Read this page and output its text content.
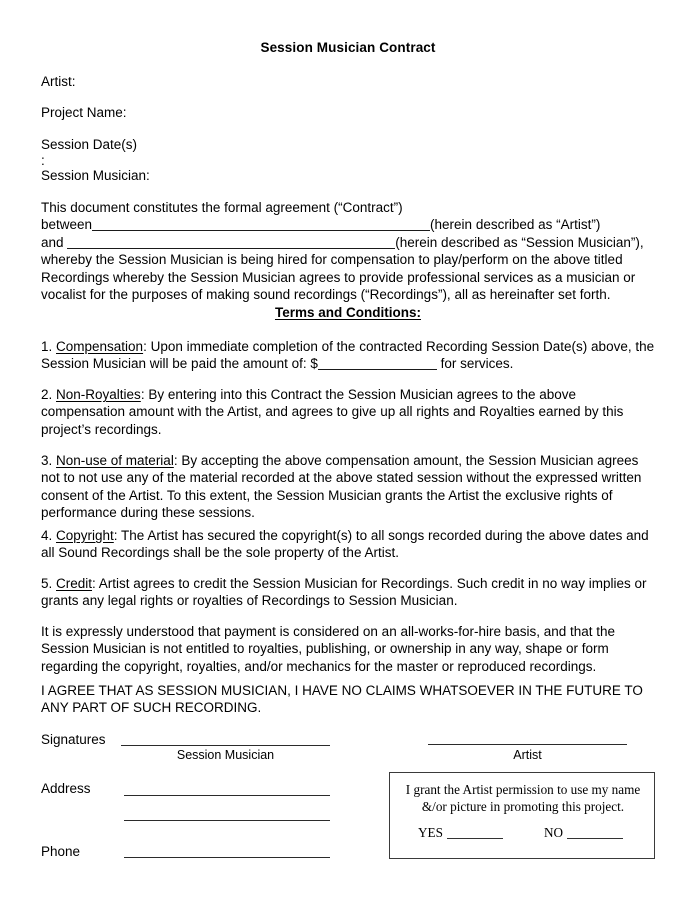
Session Musician Contract
Artist:
Project Name:
Session Date(s)
:
Session Musician:
This document constitutes the formal agreement (“Contract”)
between	(herein described as “Artist”)
and	(herein described as “Session Musician”),
whereby the Session Musician is being hired for compensation to play/perform on the above titled Recordings whereby the Session Musician agrees to provide professional services as a musician or vocalist for the purposes of making sound recordings (“Recordings”), all as hereinafter set forth.
Terms and Conditions:
1. Compensation: Upon immediate completion of the contracted Recording Session Date(s) above, the Session Musician will be paid the amount of: $	for services.
2. Non-Royalties: By entering into this Contract the Session Musician agrees to the above compensation amount with the Artist, and agrees to give up all rights and Royalties earned by this project’s recordings.
3. Non-use of material: By accepting the above compensation amount, the Session Musician agrees not to not use any of the material recorded at the above stated session without the expressed written consent of the Artist. To this extent, the Session Musician grants the Artist the exclusive rights of performance during these sessions.
4. Copyright: The Artist has secured the copyright(s) to all songs recorded during the above dates and all Sound Recordings shall be the sole property of the Artist.
5. Credit: Artist agrees to credit the Session Musician for Recordings. Such credit in no way implies or grants any legal rights or royalties of Recordings to Session Musician.
It is expressly understood that payment is considered on an all-works-for-hire basis, and that the Session Musician is not entitled to royalties, publishing, or ownership in any way, shape or form regarding the copyright, royalties, and/or mechanics for the master or reproduced recordings.
I AGREE THAT AS SESSION MUSICIAN, I HAVE NO CLAIMS WHATSOEVER IN THE FUTURE TO ANY PART OF SUCH RECORDING.
Signatures
Session Musician	Artist
Address
Phone
I grant the Artist permission to use my name &/or picture in promoting this project.
YES	NO
